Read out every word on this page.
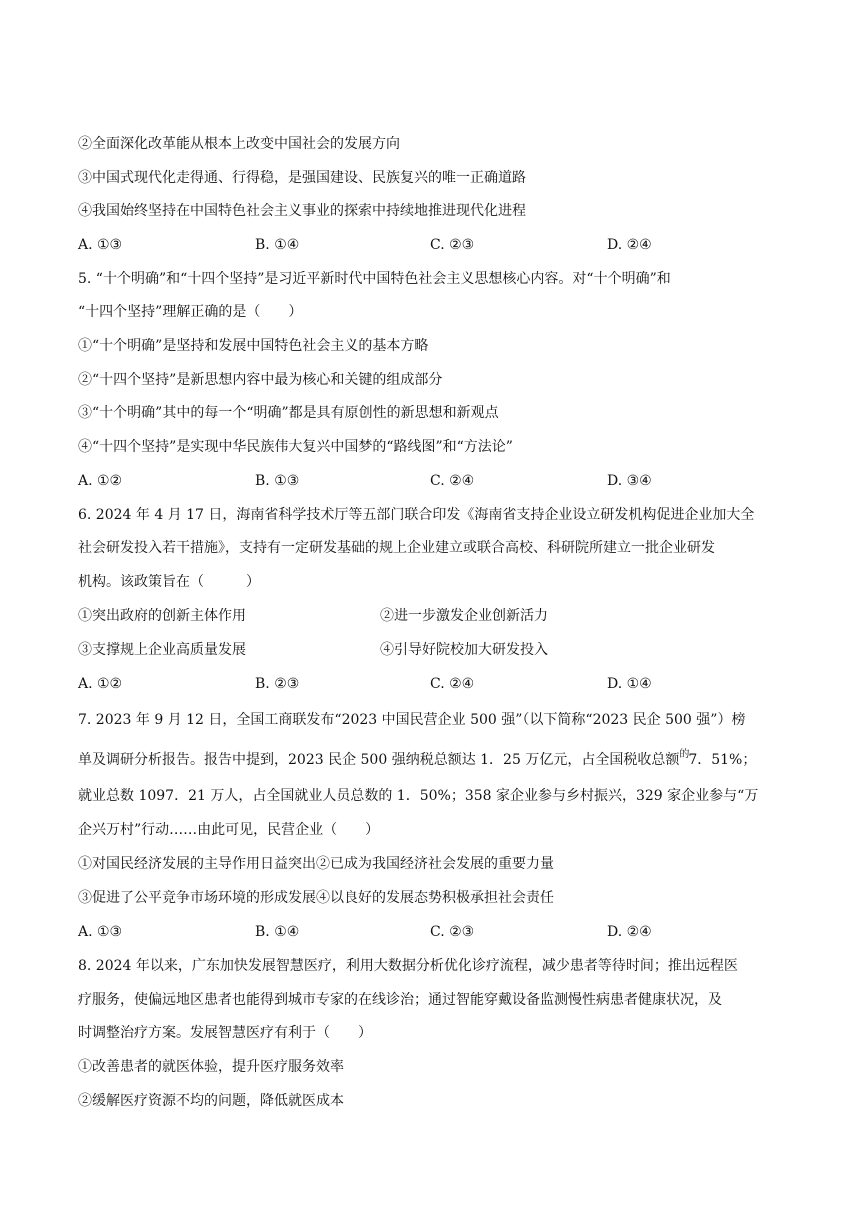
②全面深化改革能从根本上改变中国社会的发展方向
③中国式现代化走得通、行得稳，是强国建设、民族复兴的唯一正确道路
④我国始终坚持在中国特色社会主义事业的探索中持续地推进现代化进程
A. ①③	B. ①④	C. ②③	D. ②④
5. “十个明确”和“十四个坚持”是习近平新时代中国特色社会主义思想核心内容。对“十个明确”和
“十四个坚持”理解正确的是（　　）
①“十个明确”是坚持和发展中国特色社会主义的基本方略
②“十四个坚持”是新思想内容中最为核心和关键的组成部分
③“十个明确”其中的每一个“明确”都是具有原创性的新思想和新观点
④“十四个坚持”是实现中华民族伟大复兴中国梦的“路线图”和“方法论”
A. ①②	B. ①③	C. ②④	D. ③④
6. 2024 年 4 月 17 日，海南省科学技术厅等五部门联合印发《海南省支持企业设立研发机构促进企业加大全
社会研发投入若干措施》，支持有一定研发基础的规上企业建立或联合高校、科研院所建立一批企业研发
机构。该政策旨在（　　　）
①突出政府的创新主体作用	②进一步激发企业创新活力
③支撑规上企业高质量发展	④引导好院校加大研发投入
A. ①②	B. ②③	C. ②④	D. ①④
7. 2023 年 9 月 12 日，全国工商联发布“2023 中国民营企业 500 强”（以下简称“2023 民企 500 强”）榜
单及调研分析报告。报告中提到，2023 民企 500 强纳税总额达 1．25 万亿元，占全国税收总额$^的$7．51%；
就业总数 1097．21 万人，占全国就业人员总数的 1．50%；358 家企业参与乡村振兴，329 家企业参与“万
企兴万村”行动……由此可见，民营企业（　　）
①对国民经济发展的主导作用日益突出②已成为我国经济社会发展的重要力量
③促进了公平竞争市场环境的形成发展④以良好的发展态势积极承担社会责任
A. ①③	B. ①④	C. ②③	D. ②④
8. 2024 年以来，广东加快发展智慧医疗，利用大数据分析优化诊疗流程，减少患者等待时间；推出远程医
疗服务，使偏远地区患者也能得到城市专家的在线诊治；通过智能穿戴设备监测慢性病患者健康状况，及
时调整治疗方案。发展智慧医疗有利于（　　）
①改善患者的就医体验，提升医疗服务效率
②缓解医疗资源不均的问题，降低就医成本
